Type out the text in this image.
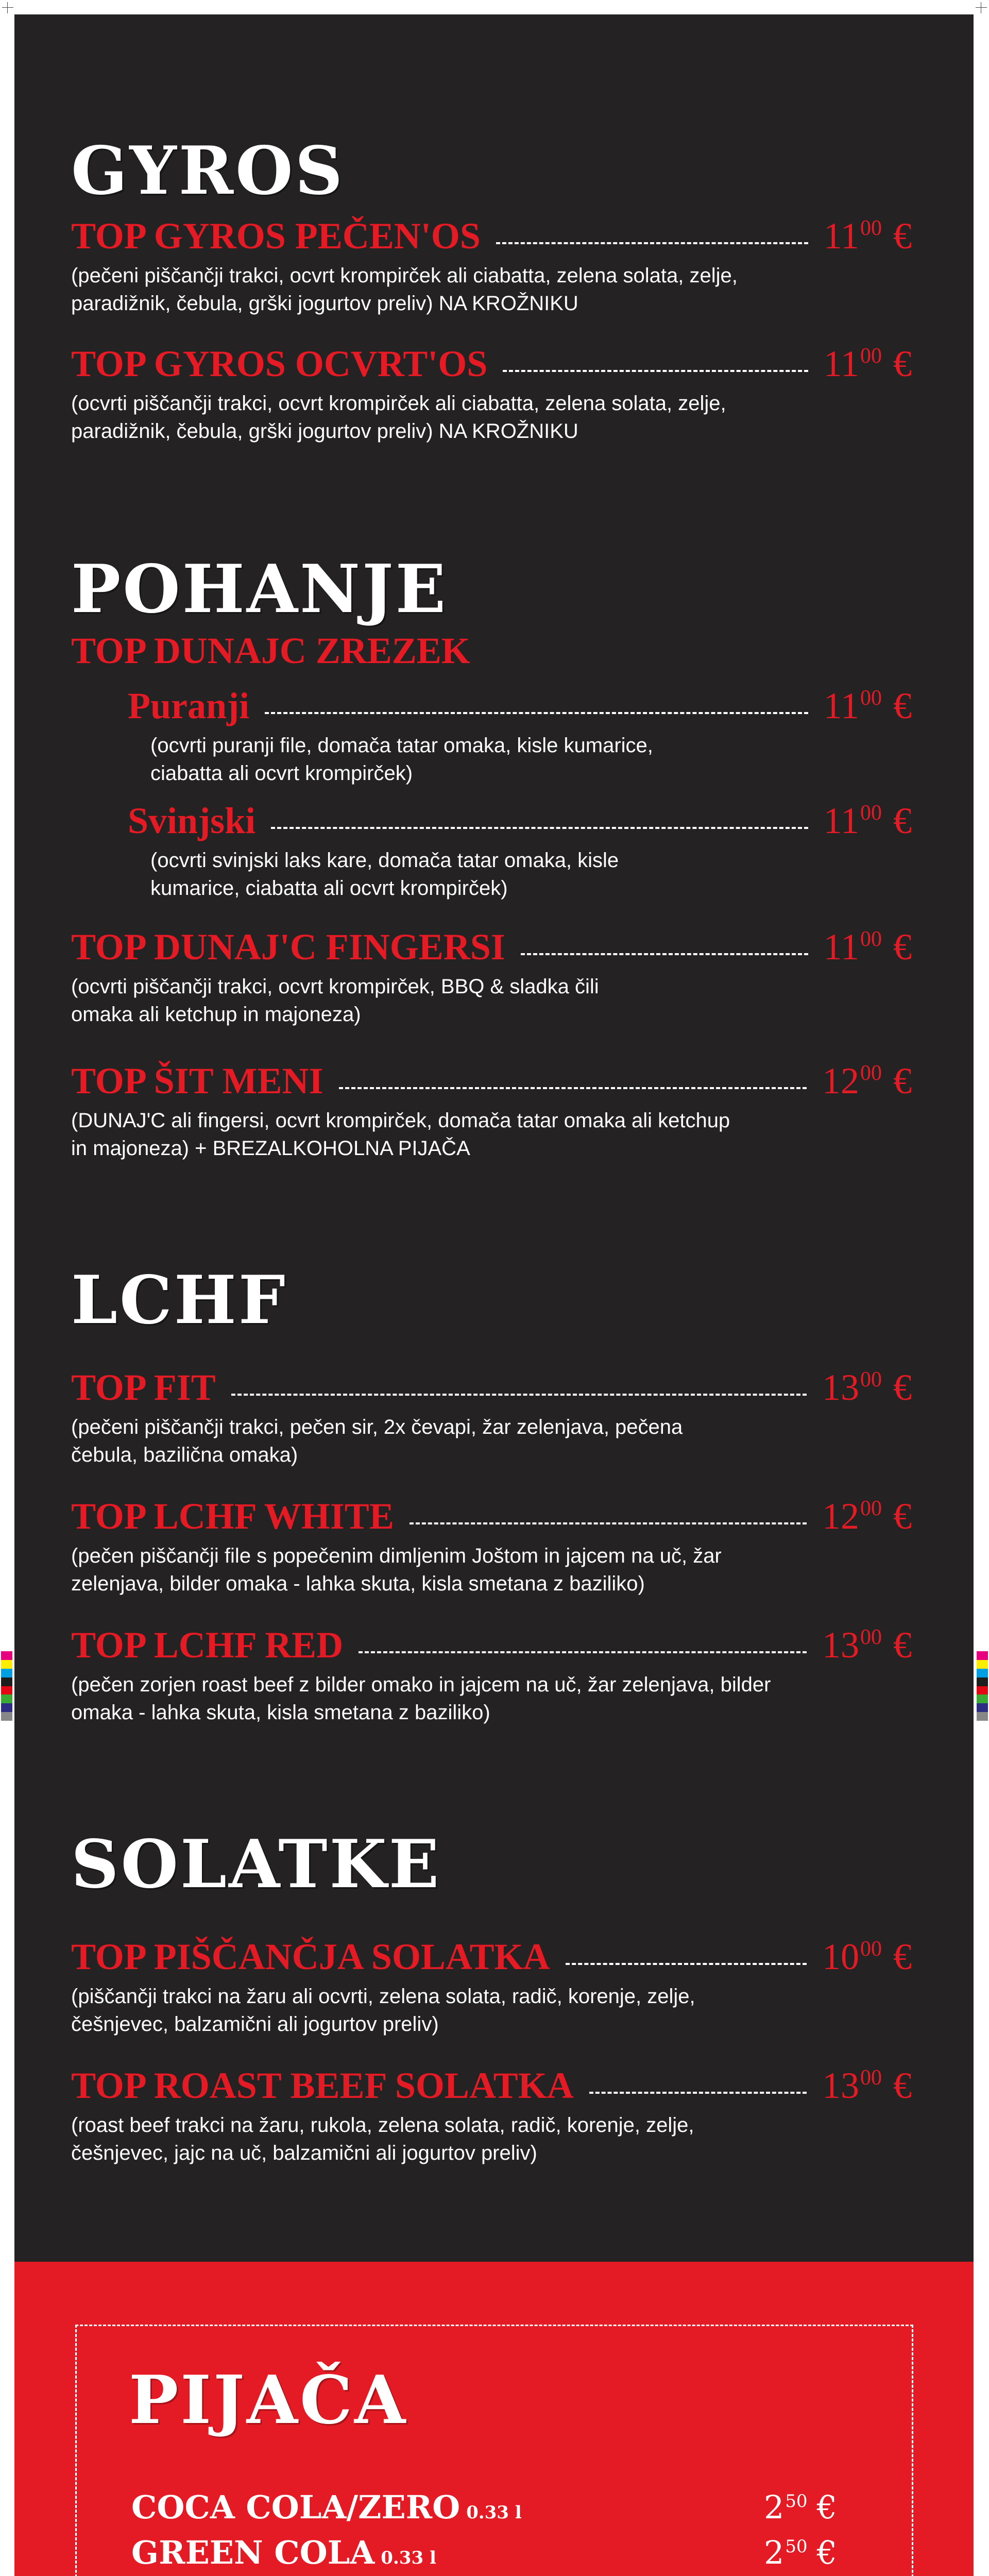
GYROS
TOP GYROS PEČEN'OS	$11^{00}$ €

(pečeni piščančji trakci, ocvrt krompirček ali ciabatta, zelena solata, zelje, paradižnik, čebula, grški jogurtov preliv) NA KROŽNIKU

TOP GYROS OCVRT'OS	$11^{00}$ €

(ocvrti piščančji trakci, ocvrt krompirček ali ciabatta, zelena solata, zelje, paradižnik, čebula, grški jogurtov preliv) NA KROŽNIKU

POHANJE
TOP DUNAJC ZREZEK
Puranji	$11^{00}$ €

(ocvrti puranji file, domača tatar omaka, kisle kumarice, ciabatta ali ocvrt krompirček)

Svinjski	$11^{00}$ €

(ocvrti svinjski laks kare, domača tatar omaka, kisle kumarice, ciabatta ali ocvrt krompirček)

TOP DUNAJ'C FINGERSI	$11^{00}$ €

(ocvrti piščančji trakci, ocvrt krompirček, BBQ & sladka čili omaka ali ketchup in majoneza)

TOP ŠIT MENI	$12^{00}$ €

(DUNAJ'C ali fingersi, ocvrt krompirček, domača tatar omaka ali ketchup in majoneza) + BREZALKOHOLNA PIJAČA

LCHF
TOP FIT	$13^{00}$ €

(pečeni piščančji trakci, pečen sir, 2x čevapi, žar zelenjava, pečena čebula, bazilična omaka)

TOP LCHF WHITE	$12^{00}$ €

(pečen piščančji file s popečenim dimljenim Joštom in jajcem na uč, žar zelenjava, bilder omaka - lahka skuta, kisla smetana z baziliko)

TOP LCHF RED	$13^{00}$ €

(pečen zorjen roast beef z bilder omako in jajcem na uč, žar zelenjava, bilder omaka - lahka skuta, kisla smetana z baziliko)

SOLATKE
TOP PIŠČANČJA SOLATKA	$10^{00}$ €

(piščančji trakci na žaru ali ocvrti, zelena solata, radič, korenje, zelje, češnjevec, balzamični ali jogurtov preliv)

TOP ROAST BEEF SOLATKA	$13^{00}$ €

(roast beef trakci na žaru, rukola, zelena solata, radič, korenje, zelje, češnjevec, jajc na uč, balzamični ali jogurtov preliv)

PIJAČA
COCA COLA/ZERO 0.33 l	$2^{50}$ €
GREEN COLA 0.33 l	$2^{50}$ €
